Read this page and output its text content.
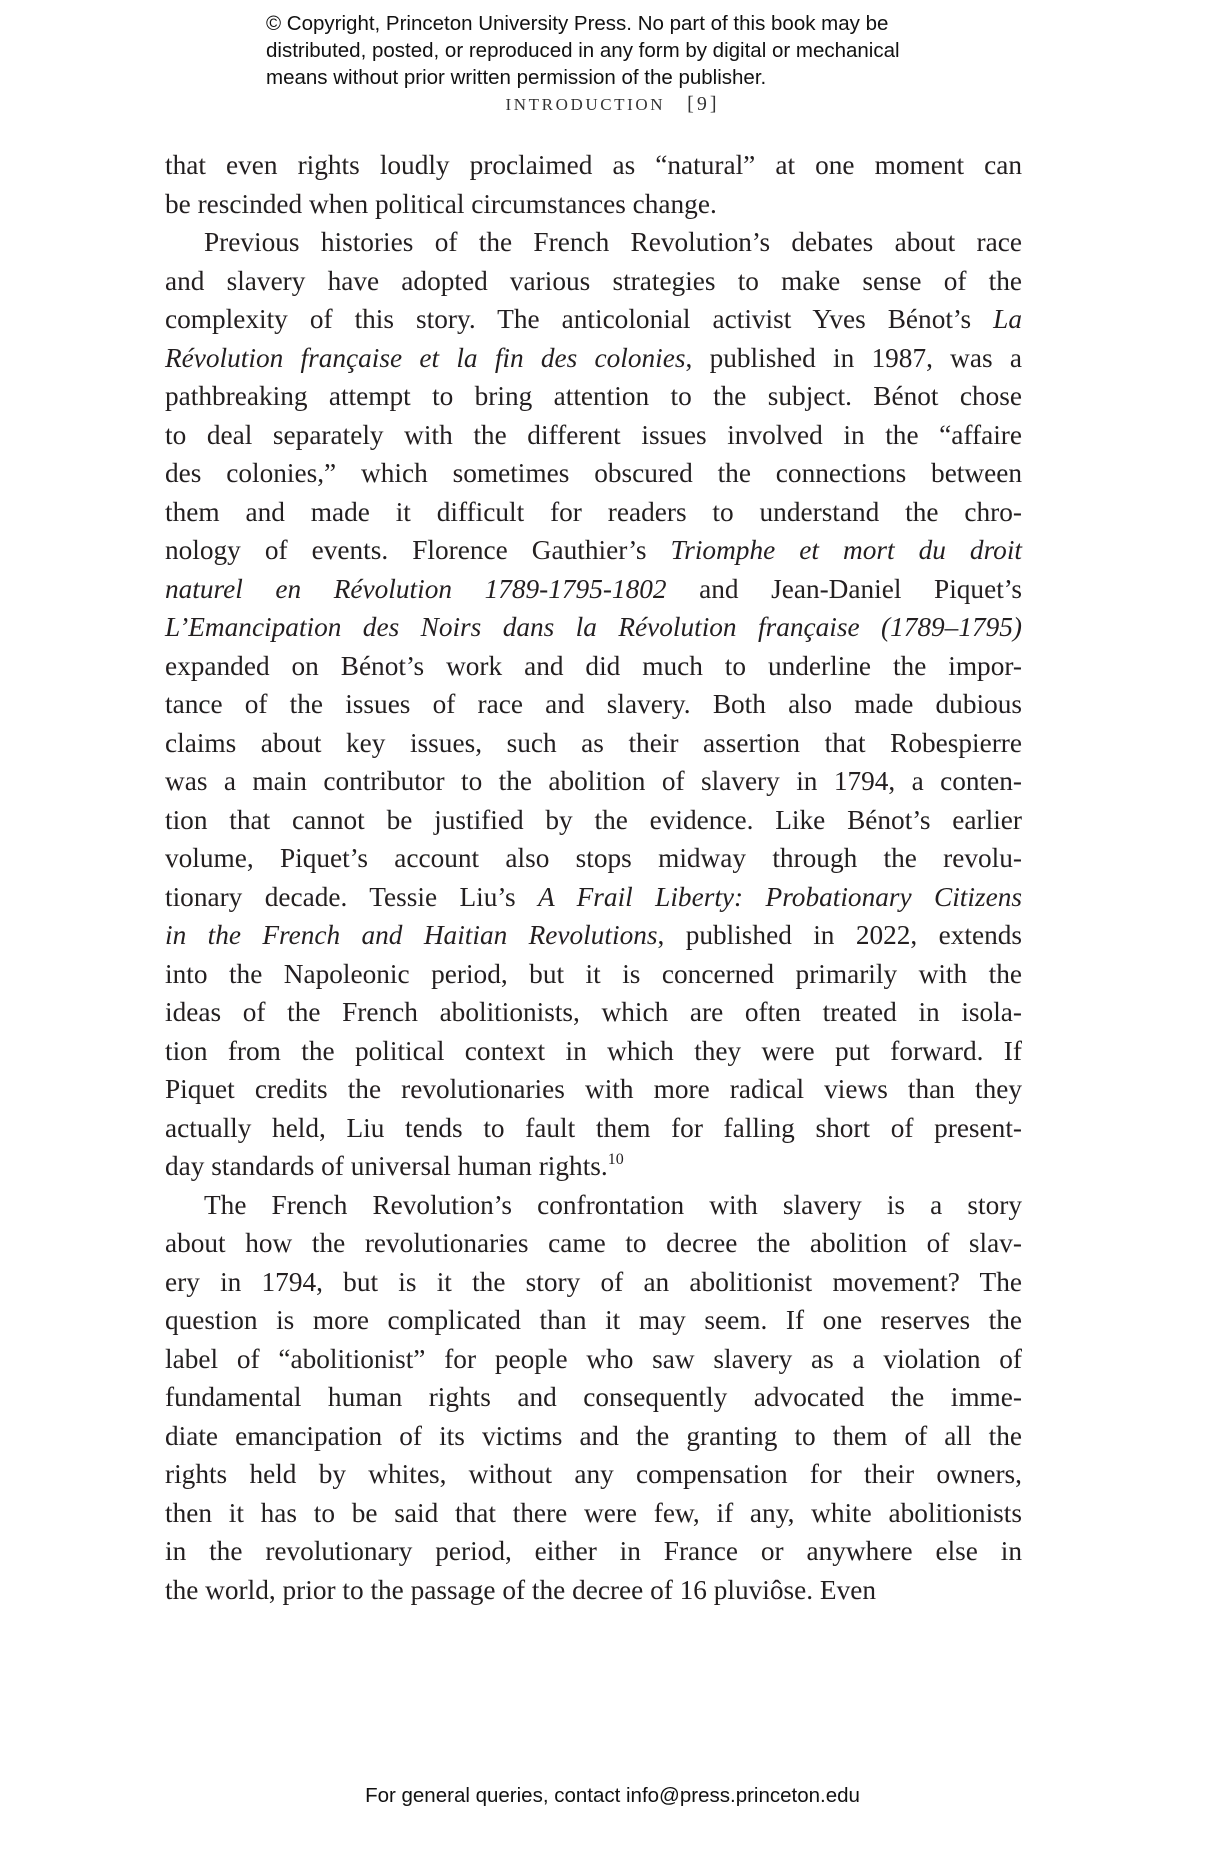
© Copyright, Princeton University Press. No part of this book may be
distributed, posted, or reproduced in any form by digital or mechanical
means without prior written permission of the publisher.
INTRODUCTION [9]
that even rights loudly proclaimed as “natural” at one moment can
be rescinded when political circumstances change.
Previous histories of the French Revolution’s debates about race
and slavery have adopted various strategies to make sense of the
complexity of this story. The anticolonial activist Yves Bénot’s La
Révolution française et la fin des colonies, published in 1987, was a
pathbreaking attempt to bring attention to the subject. Bénot chose
to deal separately with the different issues involved in the “affaire
des colonies,” which sometimes obscured the connections between
them and made it difficult for readers to understand the chro-
nology of events. Florence Gauthier’s Triomphe et mort du droit
naturel en Révolution 1789-1795-1802 and Jean-Daniel Piquet’s
L’Emancipation des Noirs dans la Révolution française (1789–1795)
expanded on Bénot’s work and did much to underline the impor-
tance of the issues of race and slavery. Both also made dubious
claims about key issues, such as their assertion that Robespierre
was a main contributor to the abolition of slavery in 1794, a conten-
tion that cannot be justified by the evidence. Like Bénot’s earlier
volume, Piquet’s account also stops midway through the revolu-
tionary decade. Tessie Liu’s A Frail Liberty: Probationary Citizens
in the French and Haitian Revolutions, published in 2022, extends
into the Napoleonic period, but it is concerned primarily with the
ideas of the French abolitionists, which are often treated in isola-
tion from the political context in which they were put forward. If
Piquet credits the revolutionaries with more radical views than they
actually held, Liu tends to fault them for falling short of present-
day standards of universal human rights.$^{10}$
The French Revolution’s confrontation with slavery is a story
about how the revolutionaries came to decree the abolition of slav-
ery in 1794, but is it the story of an abolitionist movement? The
question is more complicated than it may seem. If one reserves the
label of “abolitionist” for people who saw slavery as a violation of
fundamental human rights and consequently advocated the imme-
diate emancipation of its victims and the granting to them of all the
rights held by whites, without any compensation for their owners,
then it has to be said that there were few, if any, white abolitionists
in the revolutionary period, either in France or anywhere else in
the world, prior to the passage of the decree of 16 pluviôse. Even
For general queries, contact info@press.princeton.edu
